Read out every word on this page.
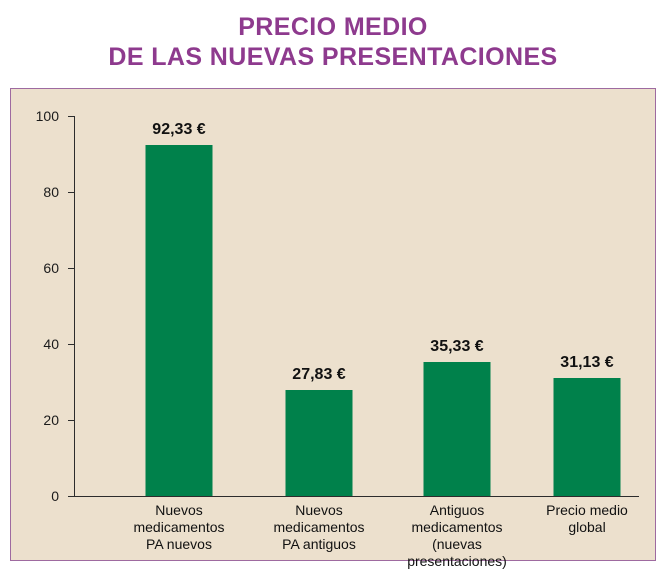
PRECIO MEDIO
DE LAS NUEVAS PRESENTACIONES
0
20
40
60
80
100
92,33 €
Nuevos
medicamentos
PA nuevos
27,83 €
Nuevos
medicamentos
PA antiguos
35,33 €
Antiguos
medicamentos
(nuevas
presentaciones)
31,13 €
Precio medio
global
